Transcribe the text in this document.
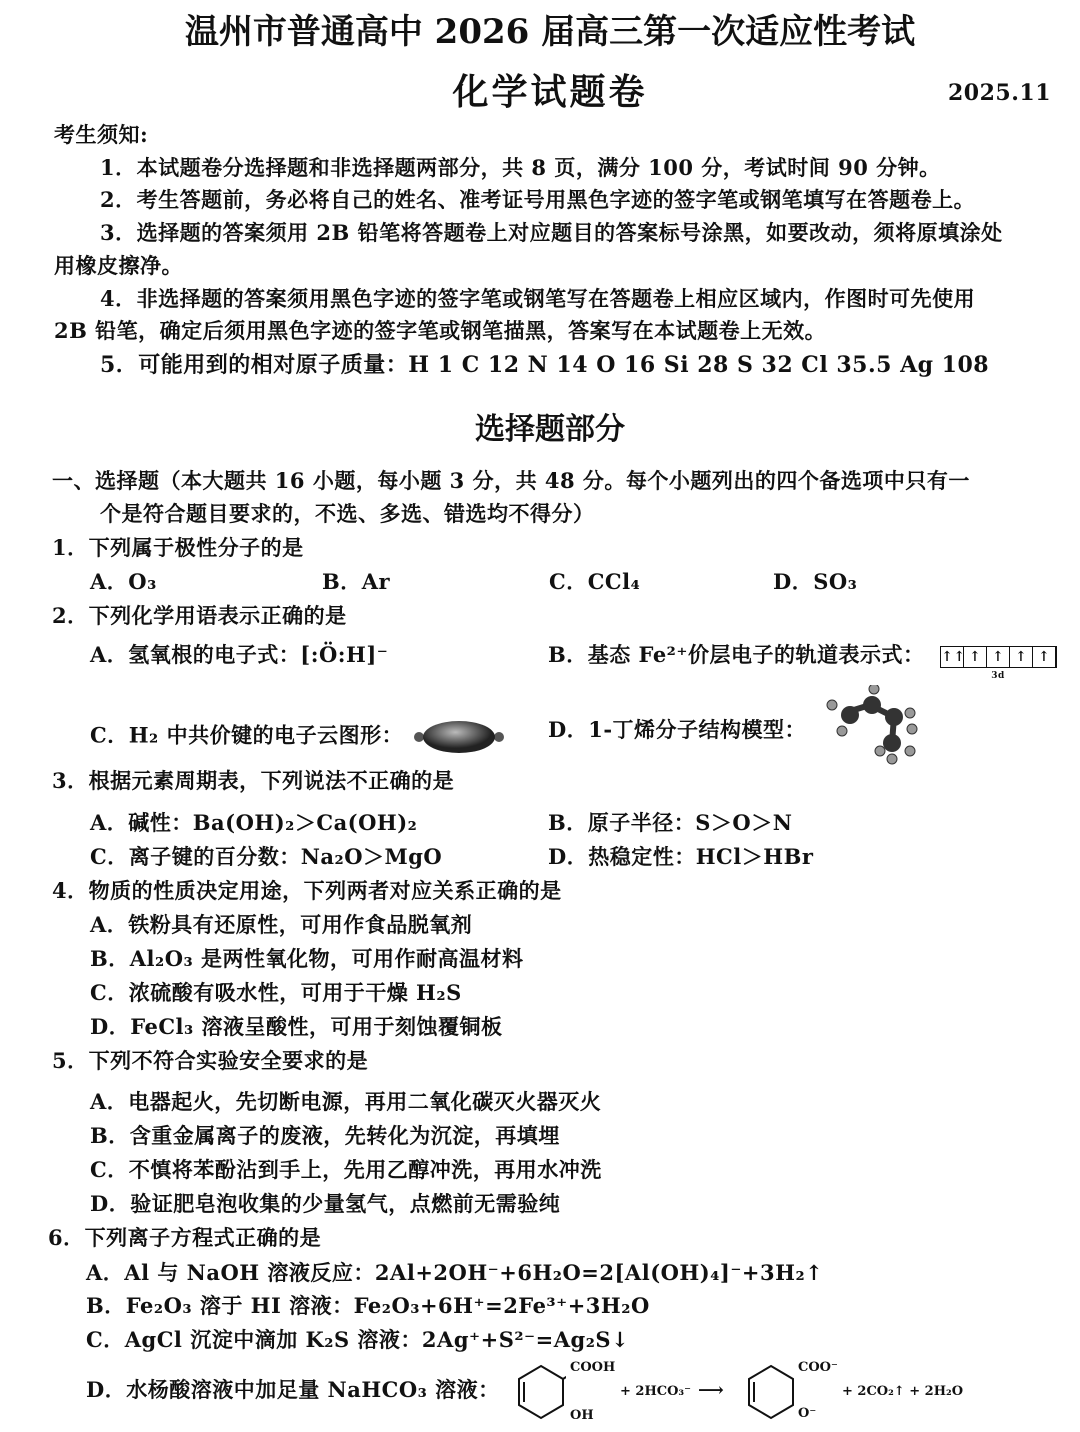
温州市普通高中 2026 届高三第一次适应性考试
化学试题卷	2025.11
考生须知:
1．本试题卷分选择题和非选择题两部分，共 8 页，满分 100 分，考试时间 90 分钟。
2．考生答题前，务必将自己的姓名、准考证号用黑色字迹的签字笔或钢笔填写在答题卷上。
3．选择题的答案须用 2B 铅笔将答题卷上对应题目的答案标号涂黑，如要改动，须将原填涂处
用橡皮擦净。
4．非选择题的答案须用黑色字迹的签字笔或钢笔写在答题卷上相应区域内，作图时可先使用
2B 铅笔，确定后须用黑色字迹的签字笔或钢笔描黑，答案写在本试题卷上无效。
5．可能用到的相对原子质量：H 1 C 12 N 14 O 16 Si 28 S 32 Cl 35.5 Ag 108
选择题部分
一、选择题（本大题共 16 小题，每小题 3 分，共 48 分。每个小题列出的四个备选项中只有一
个是符合题目要求的，不选、多选、错选均不得分）
1．下列属于极性分子的是
A．O₃	B．Ar	C．CCl₄	D．SO₃
2．下列化学用语表示正确的是
A．氢氧根的电子式：[:Ö:H]⁻	B．基态 Fe²⁺价层电子的轨道表示式： ↑↑ ↑ ↑ ↑ ↑
3d
C．H₂ 中共价键的电子云图形：	D．1-丁烯分子结构模型：
3．根据元素周期表，下列说法不正确的是
A．碱性：Ba(OH)₂＞Ca(OH)₂	B．原子半径：S＞O＞N
C．离子键的百分数：Na₂O＞MgO	D．热稳定性：HCl＞HBr
4．物质的性质决定用途，下列两者对应关系正确的是
A．铁粉具有还原性，可用作食品脱氧剂
B．Al₂O₃ 是两性氧化物，可用作耐高温材料
C．浓硫酸有吸水性，可用于干燥 H₂S
D．FeCl₃ 溶液呈酸性，可用于刻蚀覆铜板
5．下列不符合实验安全要求的是
A．电器起火，先切断电源，再用二氧化碳灭火器灭火
B．含重金属离子的废液，先转化为沉淀，再填埋
C．不慎将苯酚沾到手上，先用乙醇冲洗，再用水冲洗
D．验证肥皂泡收集的少量氢气，点燃前无需验纯
6．下列离子方程式正确的是
A．Al 与 NaOH 溶液反应：2Al+2OH⁻+6H₂O=2[Al(OH)₄]⁻+3H₂↑
B．Fe₂O₃ 溶于 HI 溶液：Fe₂O₃+6H⁺=2Fe³⁺+3H₂O
C．AgCl 沉淀中滴加 K₂S 溶液：2Ag⁺+S²⁻=Ag₂S↓
D．水杨酸溶液中加足量 NaHCO₃ 溶液：
COOH
OH
+ 2HCO₃⁻ ⟶
COO⁻
O⁻
+ 2CO₂↑ + 2H₂O
